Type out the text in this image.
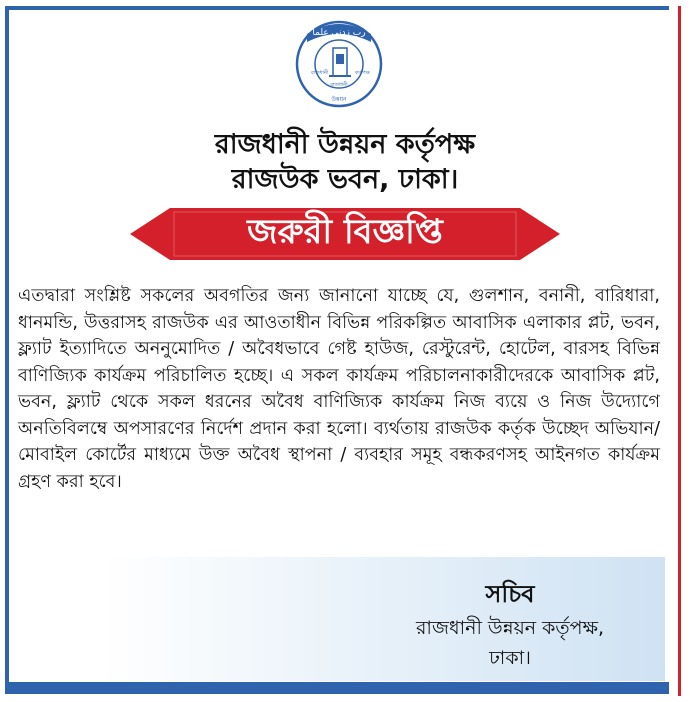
رب زدني علما
রাজধানী
রাজধানী	কর্তৃপক্ষ
উন্নয়ন
রাজধানী উন্নয়ন কর্তৃপক্ষ
রাজউক ভবন, ঢাকা।
জরুরী বিজ্ঞপ্তি
এতদ্বারা সংশ্লিষ্ট সকলের অবগতির জন্য জানানো যাচ্ছে যে, গুলশান, বনানী, বারিধারা, ধানমন্ডি, উত্তরাসহ রাজউক এর আওতাধীন বিভিন্ন পরিকল্পিত আবাসিক এলাকার প্লট, ভবন, ফ্ল্যাট ইত্যাদিতে অননুমোদিত / অবৈধভাবে গেষ্ট হাউজ, রেস্টুরেন্ট, হোটেল, বারসহ বিভিন্ন বাণিজ্যিক কার্যক্রম পরিচালিত হচ্ছে। এ সকল কার্যক্রম পরিচালনাকারীদেরকে আবাসিক প্লট, ভবন, ফ্ল্যাট থেকে সকল ধরনের অবৈধ বাণিজ্যিক কার্যক্রম নিজ ব্যয়ে ও নিজ উদ্যোগে অনতিবিলম্বে অপসারণের নির্দেশ প্রদান করা হলো। ব্যর্থতায় রাজউক কর্তৃক উচ্ছেদ অভিযান/মোবাইল কোর্টের মাধ্যমে উক্ত অবৈধ স্থাপনা / ব্যবহার সমূহ বন্ধকরণসহ আইনগত কার্যক্রম গ্রহণ করা হবে।
সচিব
রাজধানী উন্নয়ন কর্তৃপক্ষ,
ঢাকা।
